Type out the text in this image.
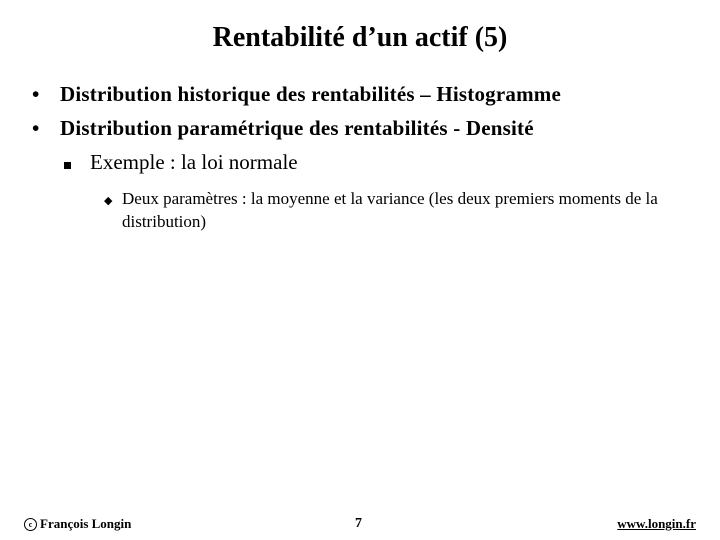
Rentabilité d’un actif (5)
• Distribution historique des rentabilités – Histogramme
• Distribution paramétrique des rentabilités - Densité
Exemple : la loi normale
◆ Deux paramètres : la moyenne et la variance (les deux premiers moments de la distribution)
c François Longin	7	www.longin.fr
